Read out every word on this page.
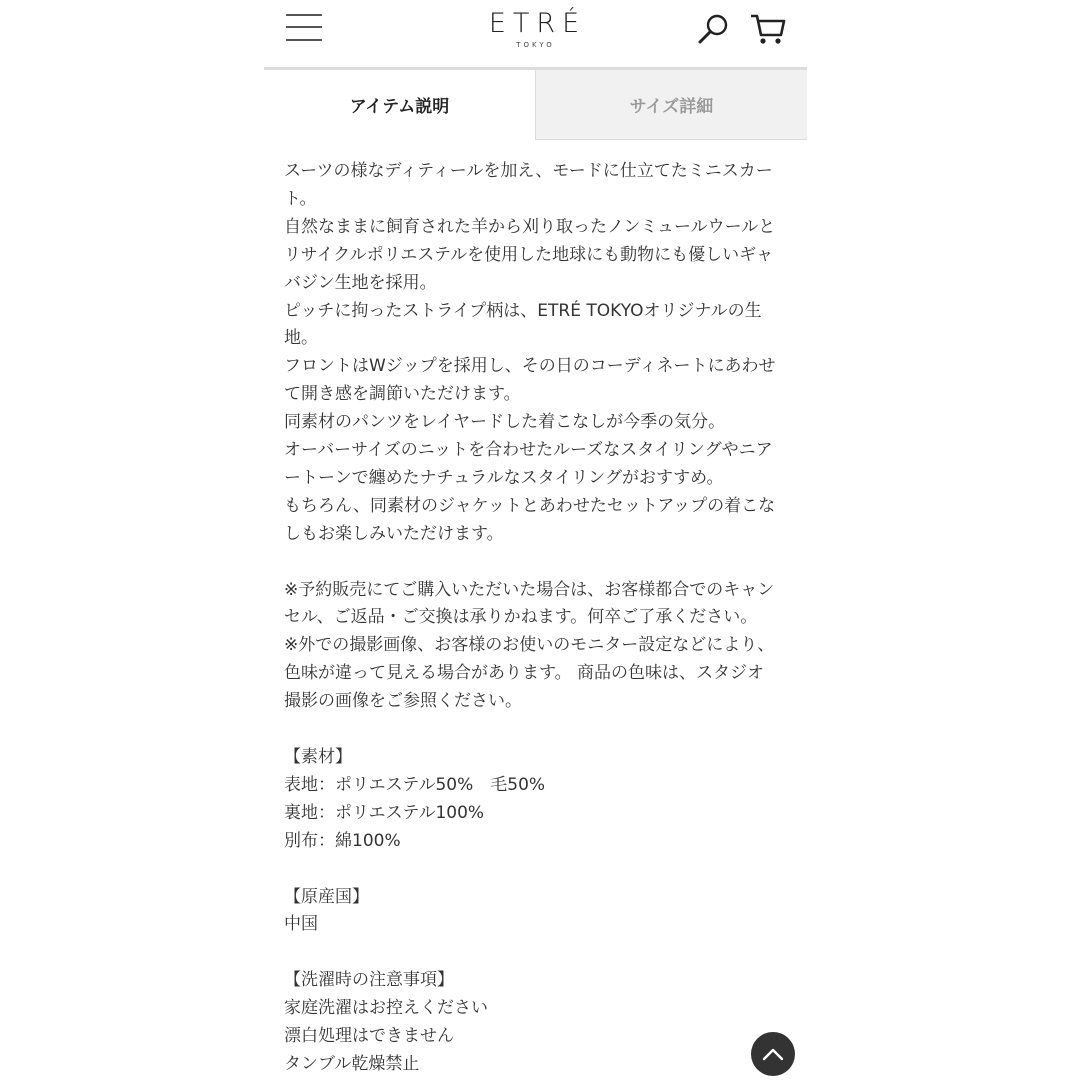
ETRÉ
TOKYO
アイテム説明	サイズ詳細

スーツの様なディティールを加え、モードに仕立てたミニスカー

ト。

自然なままに飼育された羊から刈り取ったノンミュールウールと

リサイクルポリエステルを使用した地球にも動物にも優しいギャ

バジン生地を採用。

ピッチに拘ったストライプ柄は、ETRÉ TOKYOオリジナルの生

地。

フロントはWジップを採用し、その日のコーディネートにあわせ

て開き感を調節いただけます。

同素材のパンツをレイヤードした着こなしが今季の気分。

オーバーサイズのニットを合わせたルーズなスタイリングやニア

ートーンで纏めたナチュラルなスタイリングがおすすめ。

もちろん、同素材のジャケットとあわせたセットアップの着こな

しもお楽しみいただけます。

※予約販売にてご購入いただいた場合は、お客様都合でのキャン

セル、ご返品・ご交換は承りかねます。何卒ご了承ください。

※外での撮影画像、お客様のお使いのモニター設定などにより、

色味が違って見える場合があります。 商品の色味は、スタジオ

撮影の画像をご参照ください。

【素材】

表地：ポリエステル50%　毛50%

裏地：ポリエステル100%

別布：綿100%

【原産国】

中国

【洗濯時の注意事項】

家庭洗濯はお控えください

漂白処理はできません

タンブル乾燥禁止
